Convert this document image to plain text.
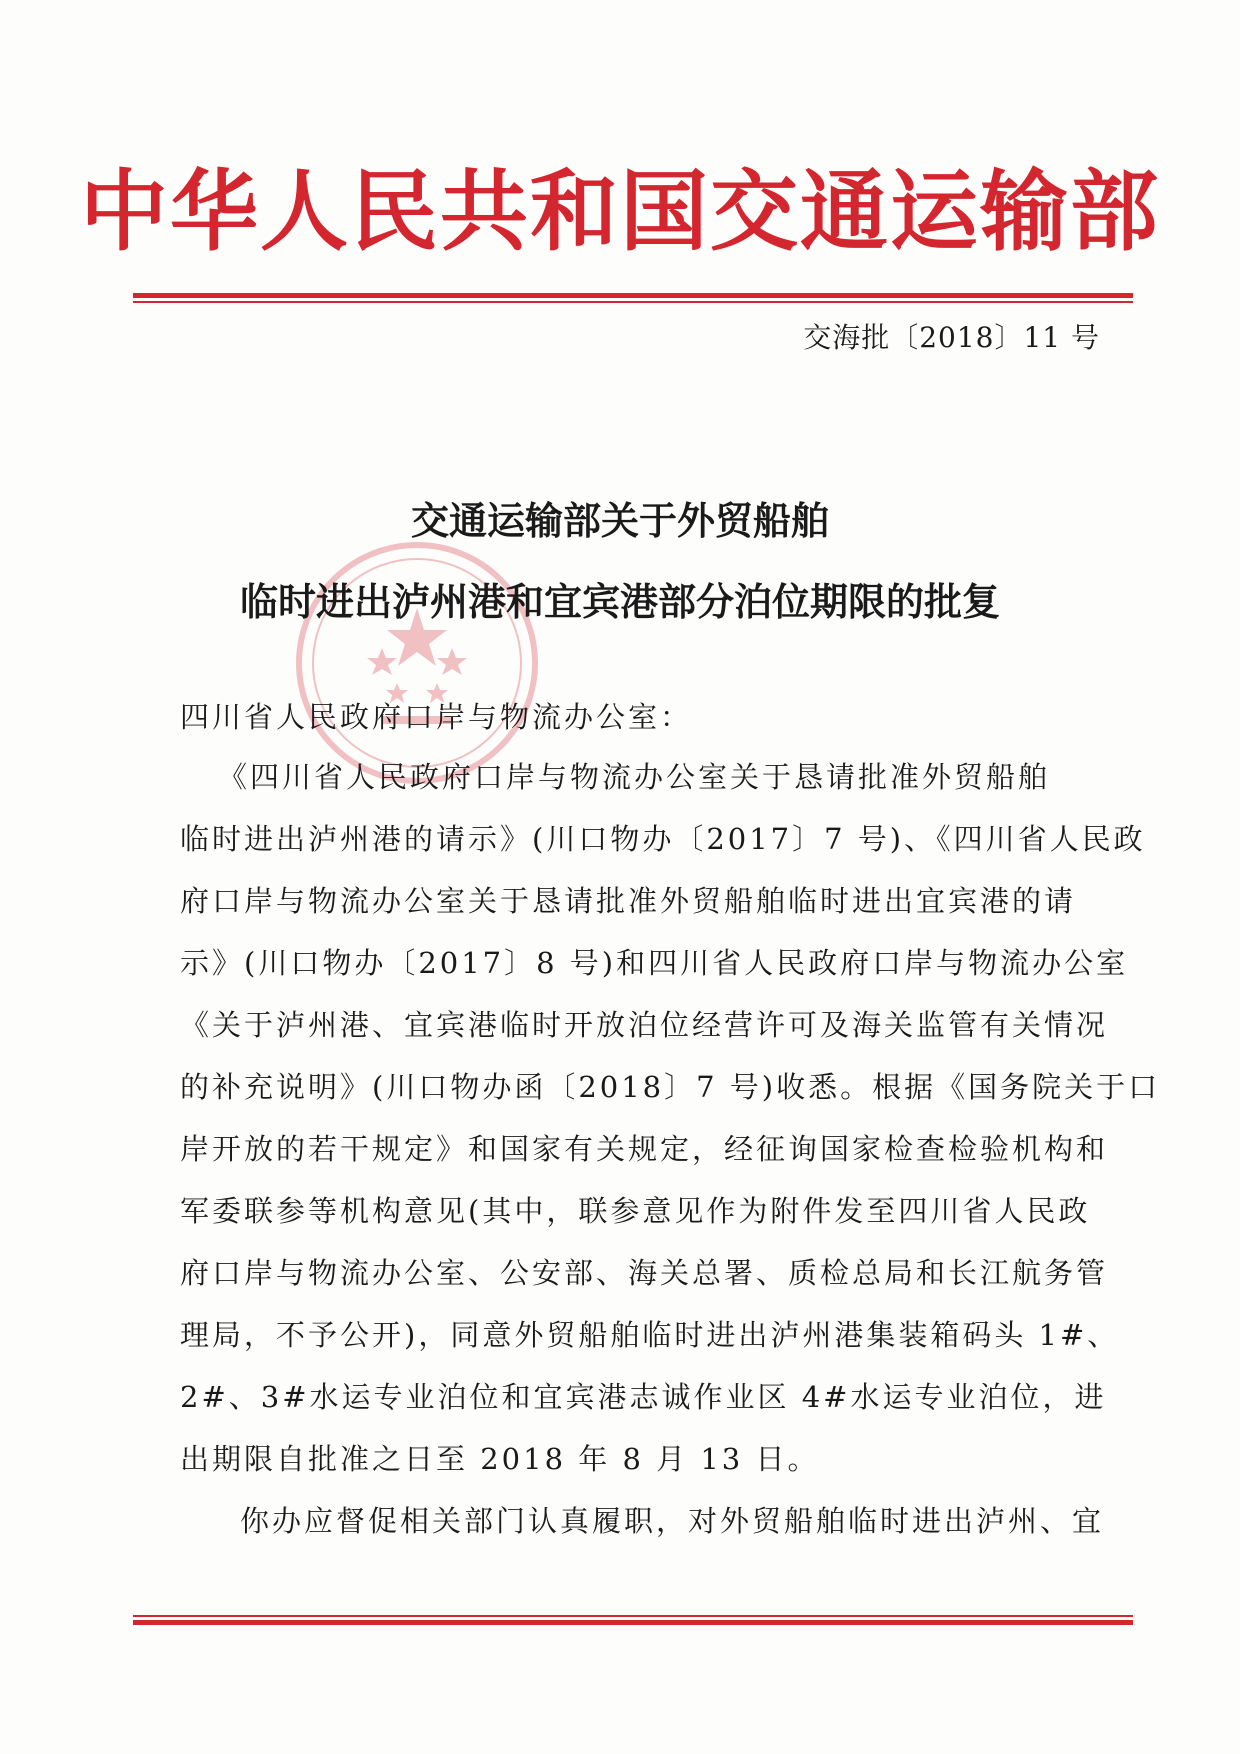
中华人民共和国交通运输部
交海批〔2018〕11 号
交通运输部关于外贸船舶
临时进出泸州港和宜宾港部分泊位期限的批复
四川省人民政府口岸与物流办公室：
《四川省人民政府口岸与物流办公室关于恳请批准外贸船舶
临时进出泸州港的请示》(川口物办〔2017〕7 号)、《四川省人民政
府口岸与物流办公室关于恳请批准外贸船舶临时进出宜宾港的请
示》(川口物办〔2017〕8 号)和四川省人民政府口岸与物流办公室
《关于泸州港、宜宾港临时开放泊位经营许可及海关监管有关情况
的补充说明》(川口物办函〔2018〕7 号)收悉。根据《国务院关于口
岸开放的若干规定》和国家有关规定，经征询国家检查检验机构和
军委联参等机构意见(其中，联参意见作为附件发至四川省人民政
府口岸与物流办公室、公安部、海关总署、质检总局和长江航务管
理局，不予公开)，同意外贸船舶临时进出泸州港集装箱码头 1#、
2#、3#水运专业泊位和宜宾港志诚作业区 4#水运专业泊位，进
出期限自批准之日至 2018 年 8 月 13 日。
你办应督促相关部门认真履职，对外贸船舶临时进出泸州、宜
